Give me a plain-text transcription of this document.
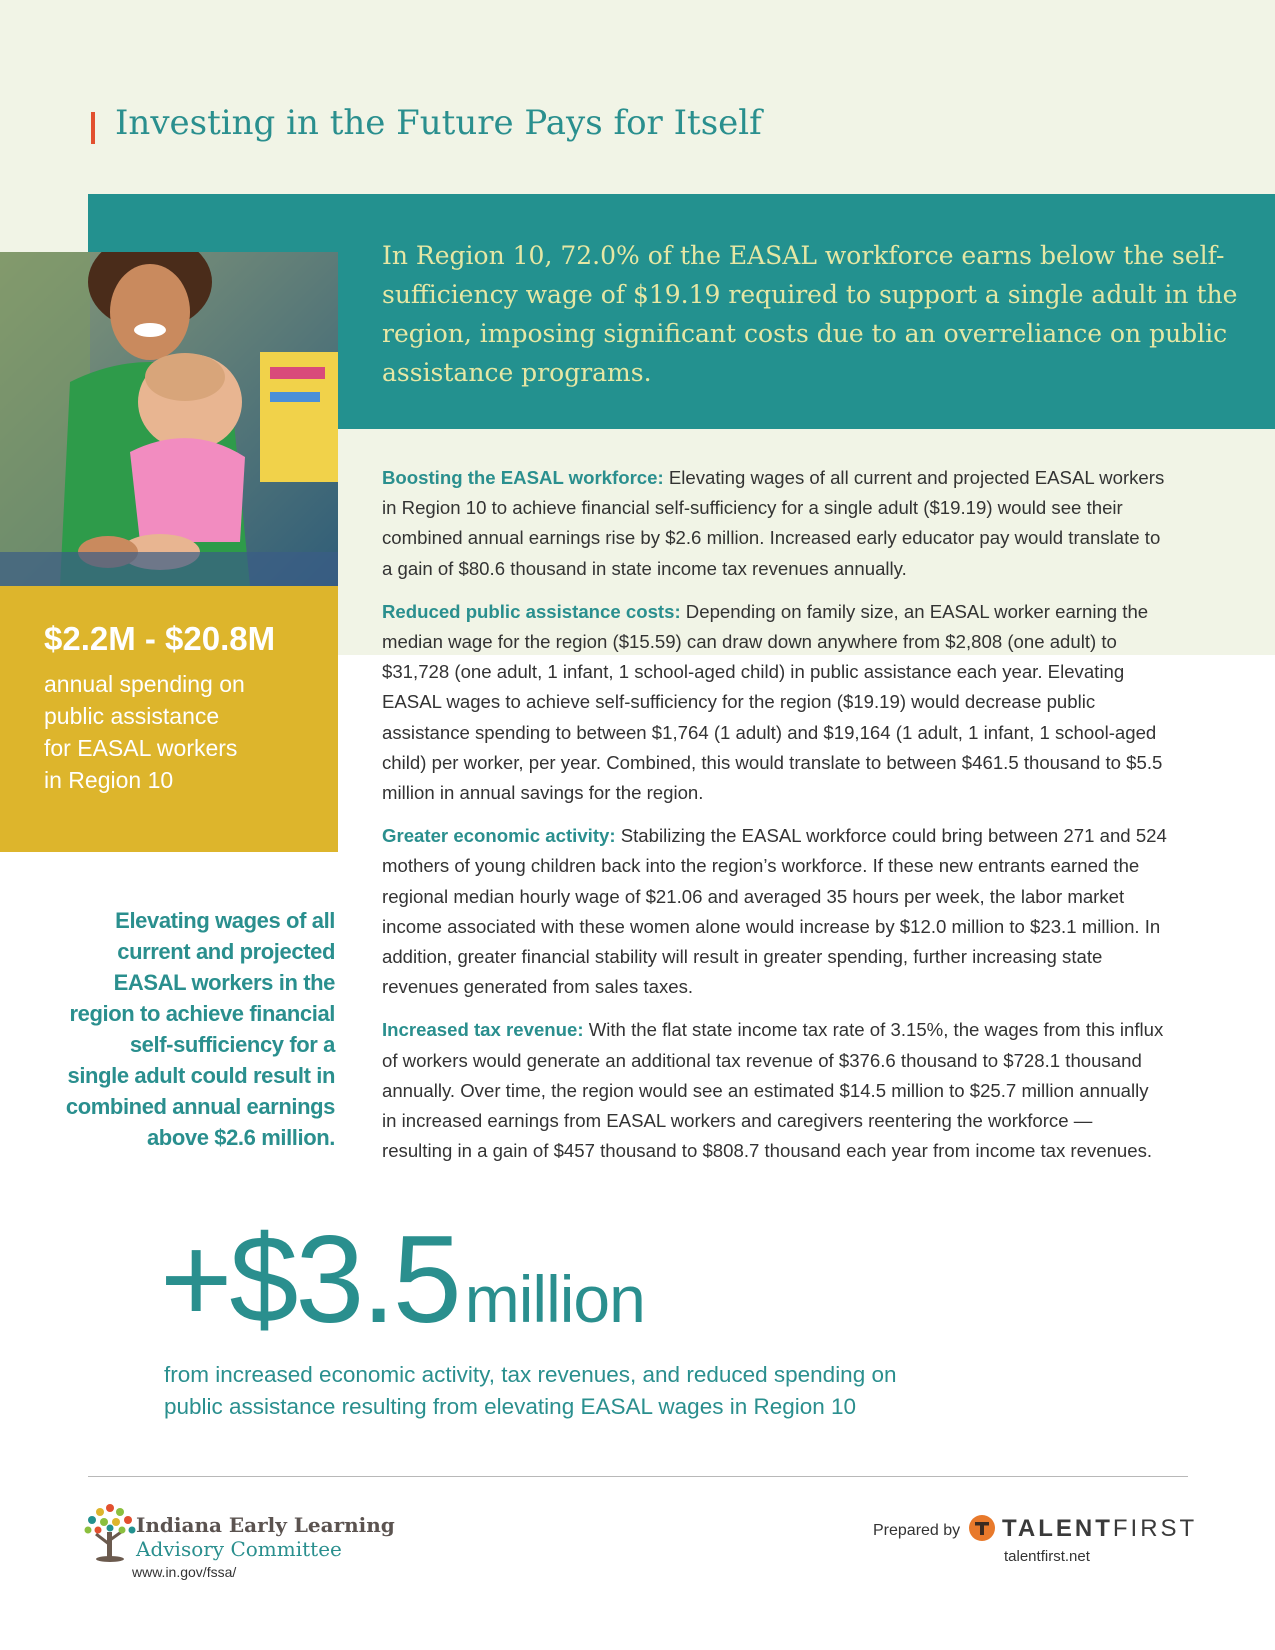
Investing in the Future Pays for Itself
In Region 10, 72.0% of the EASAL workforce earns below the self-sufficiency wage of $19.19 required to support a single adult in the region, imposing significant costs due to an overreliance on public assistance programs.
$2.2M - $20.8M
annual spending on
public assistance
for EASAL workers
in Region 10
Elevating wages of all
current and projected
EASAL workers in the
region to achieve financial
self-sufficiency for a
single adult could result in
combined annual earnings
above $2.6 million.

Boosting the EASAL workforce: Elevating wages of all current and projected EASAL workers in Region 10 to achieve financial self-sufficiency for a single adult ($19.19) would see their combined annual earnings rise by $2.6 million. Increased early educator pay would translate to a gain of $80.6 thousand in state income tax revenues annually.

Reduced public assistance costs: Depending on family size, an EASAL worker earning the median wage for the region ($15.59) can draw down anywhere from $2,808 (one adult) to $31,728 (one adult, 1 infant, 1 school-aged child) in public assistance each year. Elevating EASAL wages to achieve self-sufficiency for the region ($19.19) would decrease public assistance spending to between $1,764 (1 adult) and $19,164 (1 adult, 1 infant, 1 school-aged child) per worker, per year. Combined, this would translate to between $461.5 thousand to $5.5 million in annual savings for the region.

Greater economic activity: Stabilizing the EASAL workforce could bring between 271 and 524 mothers of young children back into the region’s workforce. If these new entrants earned the regional median hourly wage of $21.06 and averaged 35 hours per week, the labor market income associated with these women alone would increase by $12.0 million to $23.1 million. In addition, greater financial stability will result in greater spending, further increasing state revenues generated from sales taxes.

Increased tax revenue: With the flat state income tax rate of 3.15%, the wages from this influx of workers would generate an additional tax revenue of $376.6 thousand to $728.1 thousand annually. Over time, the region would see an estimated $14.5 million to $25.7 million annually in increased earnings from EASAL workers and caregivers reentering the workforce — resulting in a gain of $457 thousand to $808.7 thousand each year from income tax revenues.

+$3.5million
from increased economic activity, tax revenues, and reduced spending on
public assistance resulting from elevating EASAL wages in Region 10
Indiana Early Learning
Advisory Committee
www.in.gov/fssa/
Prepared by TALENTFIRST
talentfirst.net
